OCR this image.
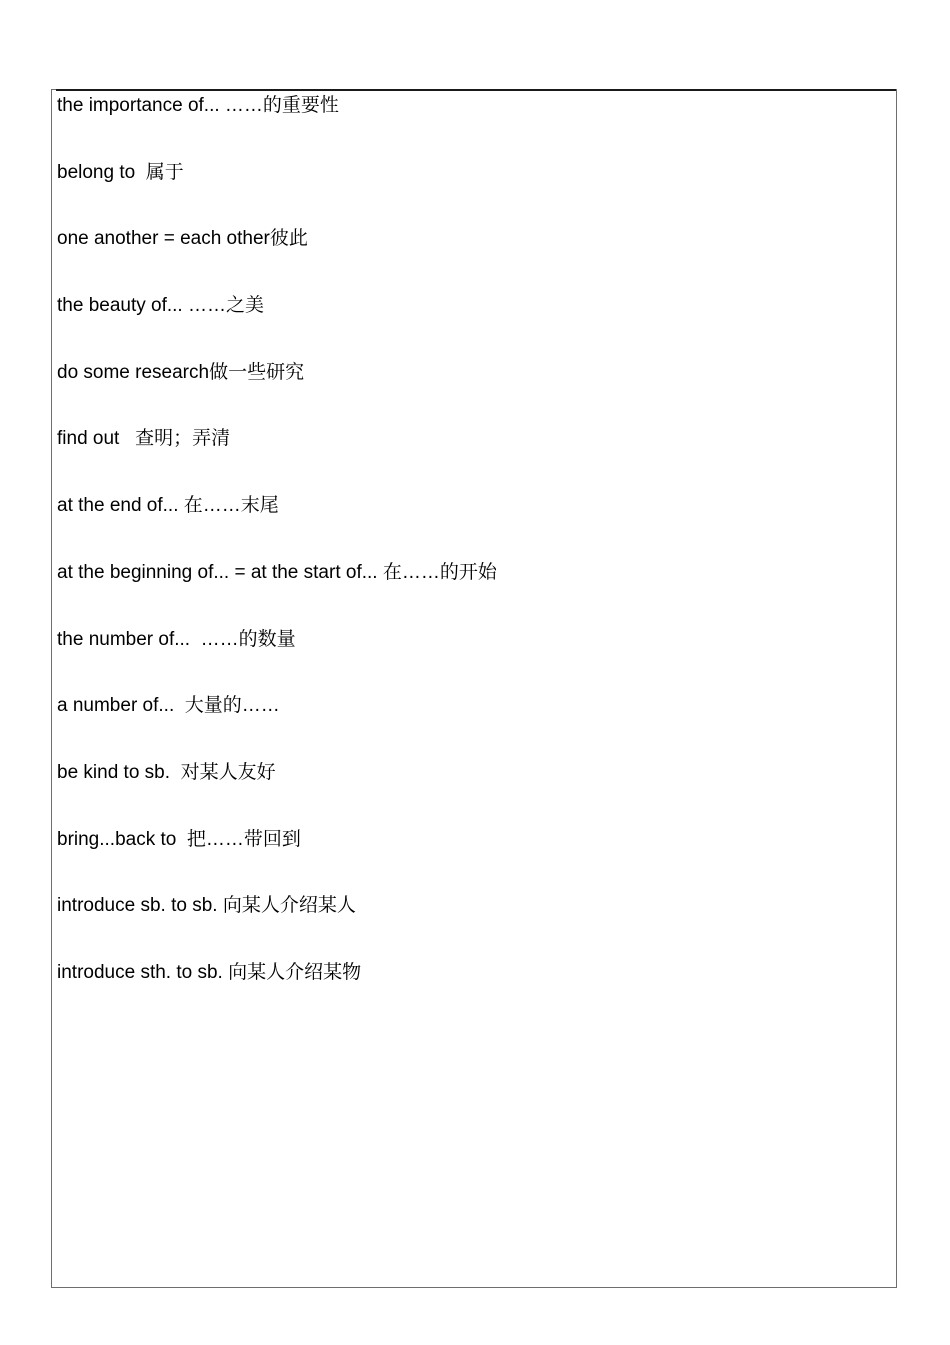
the importance of... ……的重要性
belong to  属于
one another = each other彼此
the beauty of... ……之美
do some research做一些研究
find out   查明；弄清
at the end of... 在……末尾
at the beginning of... = at the start of... 在……的开始
the number of...  ……的数量
a number of...  大量的……
be kind to sb.  对某人友好
bring...back to  把……带回到
introduce sb. to sb. 向某人介绍某人
introduce sth. to sb. 向某人介绍某物
